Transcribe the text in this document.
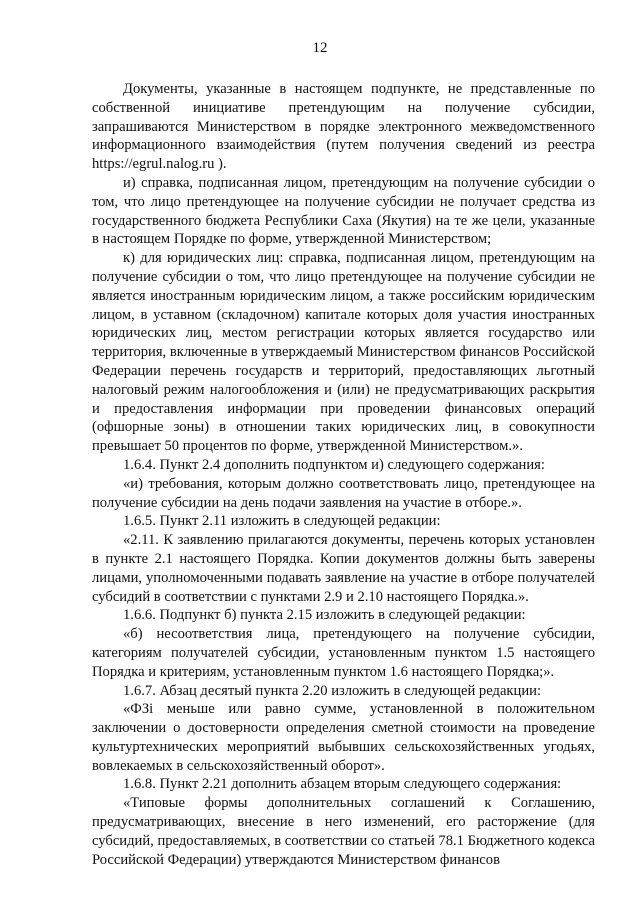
12

Документы, указанные в настоящем подпункте, не представленные по собственной инициативе претендующим на получение субсидии, запрашиваются Министерством в порядке электронного межведомственного информационного взаимодействия (путем получения сведений из реестра https://egrul.nalog.ru ).

и) справка, подписанная лицом, претендующим на получение субсидии о том, что лицо претендующее на получение субсидии не получает средства из государственного бюджета Республики Саха (Якутия) на те же цели, указанные в настоящем Порядке по форме, утвержденной Министерством;

к) для юридических лиц: справка, подписанная лицом, претендующим на получение субсидии о том, что лицо претендующее на получение субсидии не является иностранным юридическим лицом, а также российским юридическим лицом, в уставном (складочном) капитале которых доля участия иностранных юридических лиц, местом регистрации которых является государство или территория, включенные в утверждаемый Министерством финансов Российской Федерации перечень государств и территорий, предоставляющих льготный налоговый режим налогообложения и (или) не предусматривающих раскрытия и предоставления информации при проведении финансовых операций (офшорные зоны) в отношении таких юридических лиц, в совокупности превышает 50 процентов по форме, утвержденной Министерством.».

1.6.4. Пункт 2.4 дополнить подпунктом и) следующего содержания:

«и) требования, которым должно соответствовать лицо, претендующее на получение субсидии на день подачи заявления на участие в отборе.».

1.6.5. Пункт 2.11 изложить в следующей редакции:

«2.11. К заявлению прилагаются документы, перечень которых установлен в пункте 2.1 настоящего Порядка. Копии документов должны быть заверены лицами, уполномоченными подавать заявление на участие в отборе получателей субсидий в соответствии с пунктами 2.9 и 2.10 настоящего Порядка.».

1.6.6. Подпункт б) пункта 2.15 изложить в следующей редакции:

«б) несоответствия лица, претендующего на получение субсидии, категориям получателей субсидии, установленным пунктом 1.5 настоящего Порядка и критериям, установленным пунктом 1.6 настоящего Порядка;».

1.6.7. Абзац десятый пункта 2.20 изложить в следующей редакции:

«ФЗi меньше или равно сумме, установленной в положительном заключении о достоверности определения сметной стоимости на проведение культуртехнических мероприятий выбывших сельскохозяйственных угодьях, вовлекаемых в сельскохозяйственный оборот».

1.6.8. Пункт 2.21 дополнить абзацем вторым следующего содержания:

«Типовые формы дополнительных соглашений к Соглашению, предусматривающих, внесение в него изменений, его расторжение (для субсидий, предоставляемых, в соответствии со статьей 78.1 Бюджетного кодекса Российской Федерации) утверждаются Министерством финансов
